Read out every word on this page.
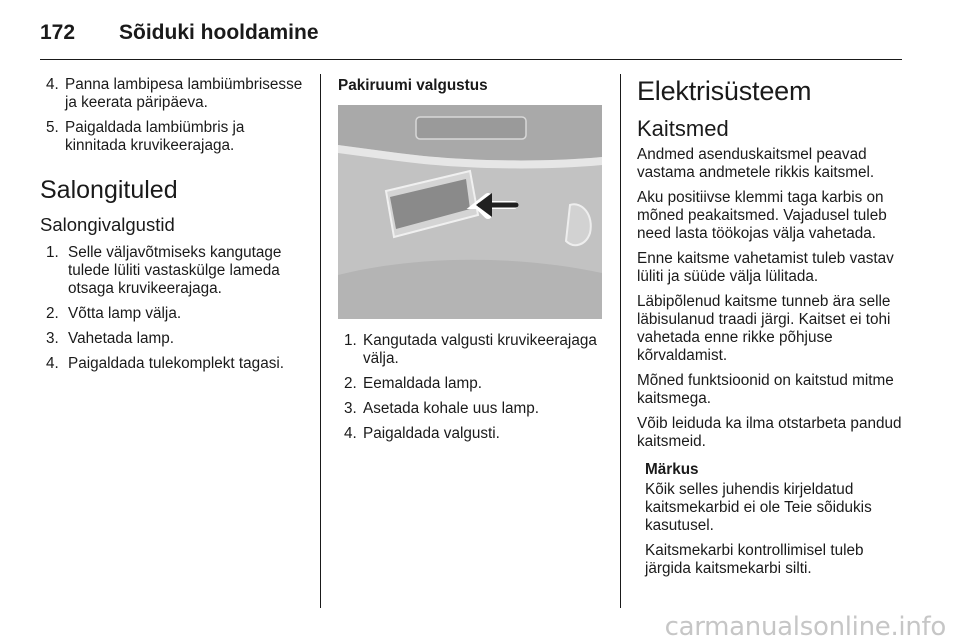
172 Sõiduki hooldamine
4. Panna lambipesa lambiümbrisesse ja keerata päripäeva.
5. Paigaldada lambiümbris ja kinnitada kruvikeerajaga.
Salongituled
Salongivalgustid
1. Selle väljavõtmiseks kangutage tulede lüliti vastaskülge lameda otsaga kruvikeerajaga.
2. Võtta lamp välja.
3. Vahetada lamp.
4. Paigaldada tulekomplekt tagasi.
Pakiruumi valgustus
1. Kangutada valgusti kruvikeerajaga välja.
2. Eemaldada lamp.
3. Asetada kohale uus lamp.
4. Paigaldada valgusti.
Elektrisüsteem
Kaitsmed

Andmed asenduskaitsmel peavad vastama andmetele rikkis kaitsmel.

Aku positiivse klemmi taga karbis on mõned peakaitsmed. Vajadusel tuleb need lasta töökojas välja vahetada.

Enne kaitsme vahetamist tuleb vastav lüliti ja süüde välja lülitada.

Läbipõlenud kaitsme tunneb ära selle läbisulanud traadi järgi. Kaitset ei tohi vahetada enne rikke põhjuse kõrvaldamist.

Mõned funktsioonid on kaitstud mitme kaitsmega.

Võib leiduda ka ilma otstarbeta pandud kaitsmeid.

Märkus

Kõik selles juhendis kirjeldatud kaitsmekarbid ei ole Teie sõidukis kasutusel.

Kaitsmekarbi kontrollimisel tuleb järgida kaitsmekarbi silti.

carmanualsonline.info
